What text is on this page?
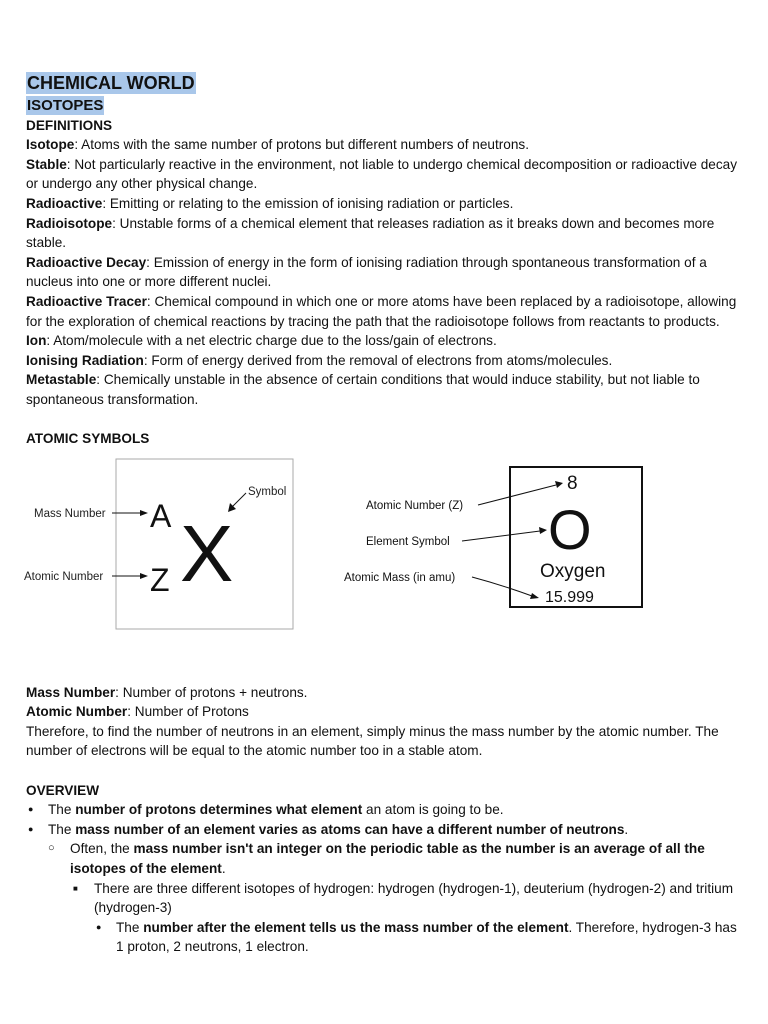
CHEMICAL WORLD
ISOTOPES

DEFINITIONS

Isotope: Atoms with the same number of protons but different numbers of neutrons.

Stable: Not particularly reactive in the environment, not liable to undergo chemical decomposition or radioactive decay or undergo any other physical change.

Radioactive: Emitting or relating to the emission of ionising radiation or particles.

Radioisotope: Unstable forms of a chemical element that releases radiation as it breaks down and becomes more stable.

Radioactive Decay: Emission of energy in the form of ionising radiation through spontaneous transformation of a nucleus into one or more different nuclei.

Radioactive Tracer: Chemical compound in which one or more atoms have been replaced by a radioisotope, allowing for the exploration of chemical reactions by tracing the path that the radioisotope follows from reactants to products.

Ion: Atom/molecule with a net electric charge due to the loss/gain of electrons.

Ionising Radiation: Form of energy derived from the removal of electrons from atoms/molecules.

Metastable: Chemically unstable in the absence of certain conditions that would induce stability, but not liable to spontaneous transformation.

ATOMIC SYMBOLS

Mass Number
Atomic Number
Symbol
A
Z X
Atomic Number (Z)
Element Symbol
Atomic Mass (in amu)
8
O
Oxygen
15.999

Mass Number: Number of protons + neutrons.

Atomic Number: Number of Protons

Therefore, to find the number of neutrons in an element, simply minus the mass number by the atomic number. The number of electrons will be equal to the atomic number too in a stable atom.

OVERVIEW

● The number of protons determines what element an atom is going to be.
● The mass number of an element varies as atoms can have a different number of neutrons.
○ Often, the mass number isn't an integer on the periodic table as the number is an average of all the isotopes of the element.
■ There are three different isotopes of hydrogen: hydrogen (hydrogen-1), deuterium (hydrogen-2) and tritium (hydrogen-3)
● The number after the element tells us the mass number of the element. Therefore, hydrogen-3 has 1 proton, 2 neutrons, 1 electron.
